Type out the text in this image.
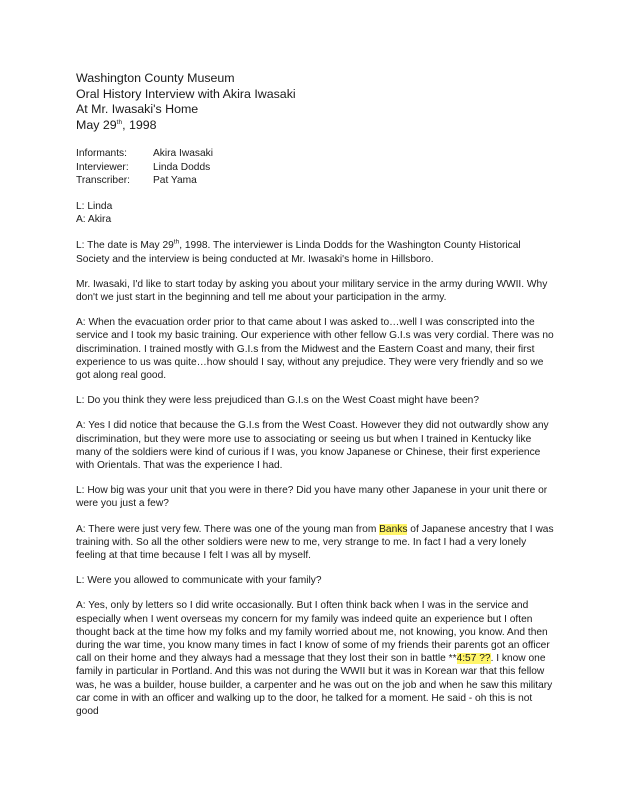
Washington County Museum
Oral History Interview with Akira Iwasaki
At Mr. Iwasaki's Home
May 29th, 1998
Informants:	Akira Iwasaki
Interviewer:	Linda Dodds
Transcriber:	Pat Yama
L: Linda
A: Akira

L: The date is May 29th, 1998. The interviewer is Linda Dodds for the Washington County Historical Society and the interview is being conducted at Mr. Iwasaki's home in Hillsboro.

Mr. Iwasaki, I'd like to start today by asking you about your military service in the army during WWII. Why don't we just start in the beginning and tell me about your participation in the army.

A: When the evacuation order prior to that came about I was asked to…well I was conscripted into the service and I took my basic training. Our experience with other fellow G.I.s was very cordial. There was no discrimination. I trained mostly with G.I.s from the Midwest and the Eastern Coast and many, their first experience to us was quite…how should I say, without any prejudice. They were very friendly and so we got along real good.

L: Do you think they were less prejudiced than G.I.s on the West Coast might have been?

A: Yes I did notice that because the G.I.s from the West Coast. However they did not outwardly show any discrimination, but they were more use to associating or seeing us but when I trained in Kentucky like many of the soldiers were kind of curious if I was, you know Japanese or Chinese, their first experience with Orientals. That was the experience I had.

L: How big was your unit that you were in there? Did you have many other Japanese in your unit there or were you just a few?

A: There were just very few. There was one of the young man from Banks of Japanese ancestry that I was training with. So all the other soldiers were new to me, very strange to me. In fact I had a very lonely feeling at that time because I felt I was all by myself.

L: Were you allowed to communicate with your family?

A: Yes, only by letters so I did write occasionally. But I often think back when I was in the service and especially when I went overseas my concern for my family was indeed quite an experience but I often thought back at the time how my folks and my family worried about me, not knowing, you know. And then during the war time, you know many times in fact I know of some of my friends their parents got an officer call on their home and they always had a message that they lost their son in battle **4:57 ??. I know one family in particular in Portland. And this was not during the WWII but it was in Korean war that this fellow was, he was a builder, house builder, a carpenter and he was out on the job and when he saw this military car come in with an officer and walking up to the door, he talked for a moment. He said - oh this is not good
